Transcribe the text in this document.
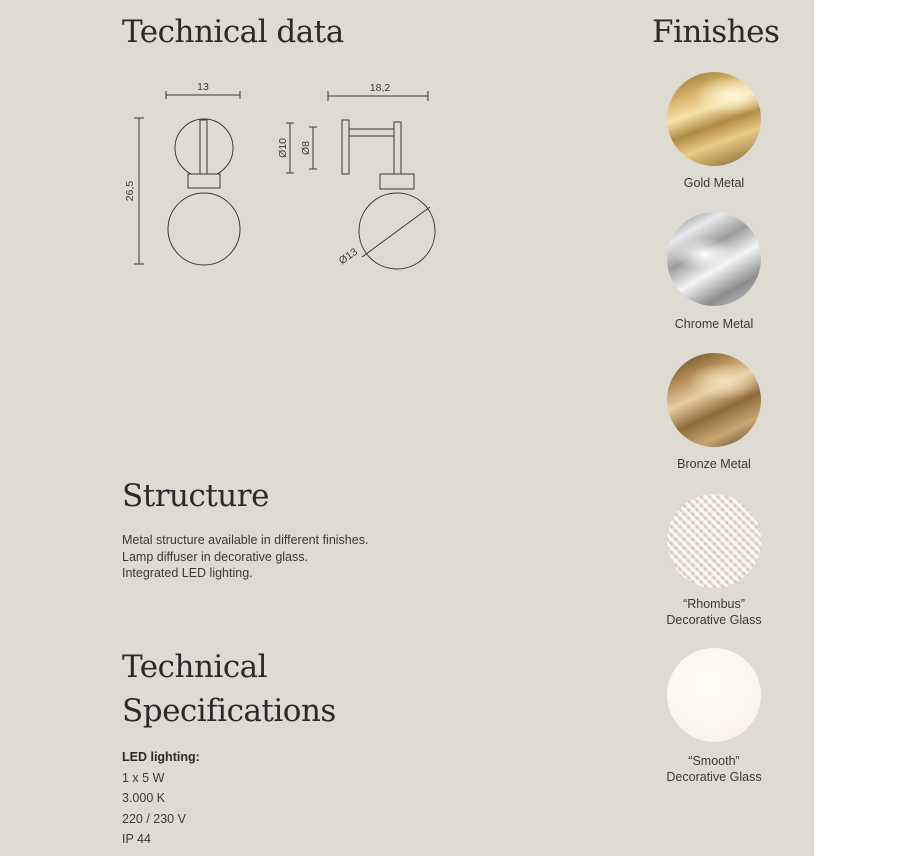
Technical data
13	18,2
26,5
Ø10 Ø8
Ø13
Structure
Metal structure available in different finishes.
Lamp diffuser in decorative glass.
Integrated LED lighting.
Technical
Specifications
LED lighting:
1 x 5 W
3.000 K
220 / 230 V
IP 44
Finishes
Gold Metal
Chrome Metal
Bronze Metal
“Rhombus”
Decorative Glass
“Smooth”
Decorative Glass
